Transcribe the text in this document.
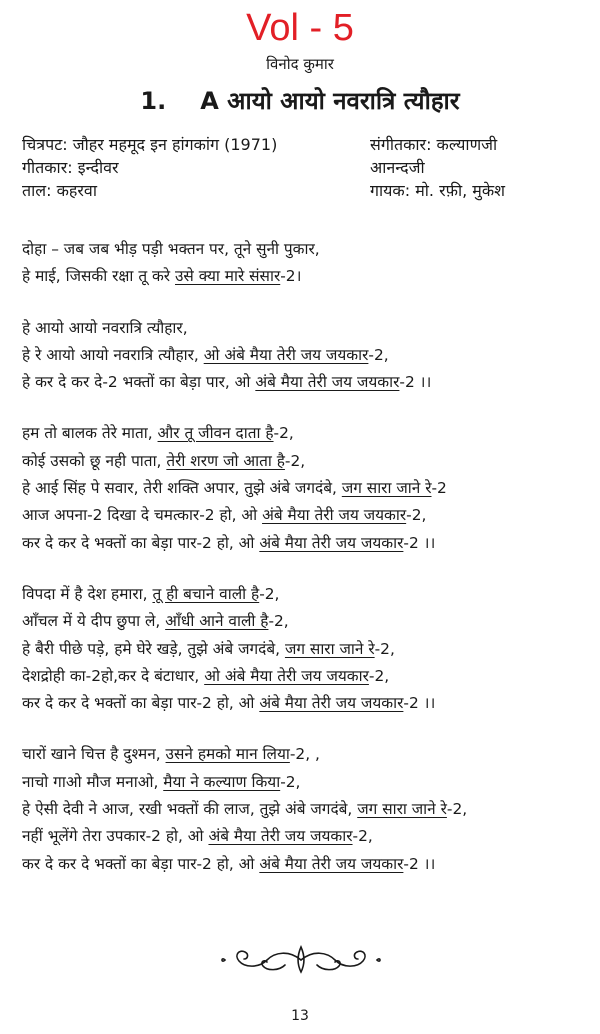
Vol - 5
विनोद कुमार
1. A आयो आयो नवरात्रि त्यौहार
चित्रपट: जौहर महमूद इन हांगकांग (1971)
गीतकार: इन्दीवर
ताल: कहरवा
संगीतकार: कल्याणजी
आनन्दजी
गायक: मो. रफ़ी, मुकेश
दोहा – जब जब भीड़ पड़ी भक्तन पर, तूने सुनी पुकार,
हे माई, जिसकी रक्षा तू करे उसे क्या मारे संसार-2।
हे आयो आयो नवरात्रि त्यौहार,
हे रे आयो आयो नवरात्रि त्यौहार, ओ अंबे मैया तेरी जय जयकार-2,
हे कर दे कर दे-2 भक्तों का बेड़ा पार, ओ अंबे मैया तेरी जय जयकार-2 ।।
हम तो बालक तेरे माता, और तू जीवन दाता है-2,
कोई उसको छू नही पाता, तेरी शरण जो आता है-2,
हे आई सिंह पे सवार, तेरी शक्ति अपार, तुझे अंबे जगदंबे, जग सारा जाने रे-2
आज अपना-2 दिखा दे चमत्कार-2 हो, ओ अंबे मैया तेरी जय जयकार-2,
कर दे कर दे भक्तों का बेड़ा पार-2 हो, ओ अंबे मैया तेरी जय जयकार-2 ।।
विपदा में है देश हमारा, तू ही बचाने वाली है-2,
आँचल में ये दीप छुपा ले, आँधी आने वाली है-2,
हे बैरी पीछे पड़े, हमे घेरे खड़े, तुझे अंबे जगदंबे, जग सारा जाने रे-2,
देशद्रोही का-2हो,कर दे बंटाधार, ओ अंबे मैया तेरी जय जयकार-2,
कर दे कर दे भक्तों का बेड़ा पार-2 हो, ओ अंबे मैया तेरी जय जयकार-2 ।।
चारों खाने चित्त है दुश्मन, उसने हमको मान लिया-2, ,
नाचो गाओ मौज मनाओ, मैया ने कल्याण किया-2,
हे ऐसी देवी ने आज, रखी भक्तों की लाज, तुझे अंबे जगदंबे, जग सारा जाने रे-2,
नहीं भूलेंगे तेरा उपकार-2 हो, ओ अंबे मैया तेरी जय जयकार-2,
कर दे कर दे भक्तों का बेड़ा पार-2 हो, ओ अंबे मैया तेरी जय जयकार-2 ।।
13
